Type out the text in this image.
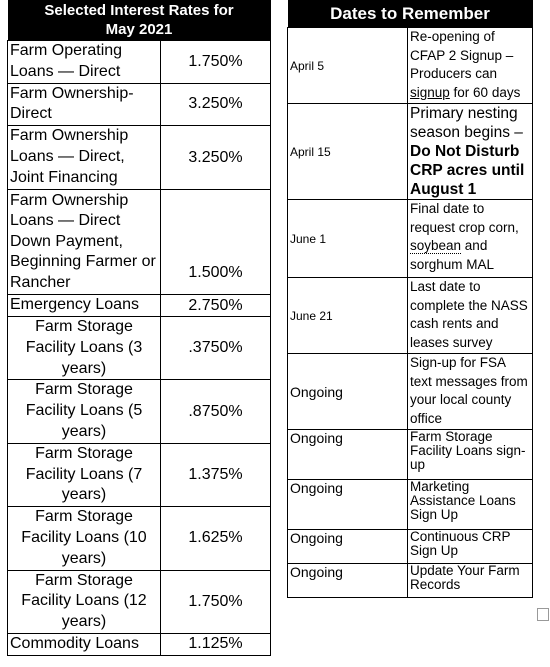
Selected Interest Rates for
May 2021	
Farm Operating Loans — Direct	1.750%
Farm Ownership-Direct	3.250%
Farm Ownership Loans — Direct, Joint Financing	3.250%
Farm Ownership Loans — Direct Down Payment, Beginning Farmer or Rancher	1.500%
Emergency Loans	2.750%
Farm Storage Facility Loans (3 years)	.3750%
Farm Storage Facility Loans (5 years)	.8750%
Farm Storage Facility Loans (7 years)	1.375%
Farm Storage Facility Loans (10 years)	1.625%
Farm Storage Facility Loans (12 years)	1.750%
Commodity Loans	1.125%
Dates to Remember	
April 5	Re-opening of CFAP 2 Signup – Producers can signup for 60 days
April 15	Primary nesting season begins – Do Not Disturb CRP acres until August 1
June 1	Final date to request crop corn, soybean and sorghum MAL
June 21	Last date to complete the NASS cash rents and leases survey
Ongoing	Sign-up for FSA text messages from your local county office
Ongoing	Farm Storage Facility Loans sign-up
Ongoing	Marketing Assistance Loans Sign Up
Ongoing	Continuous CRP Sign Up
Ongoing	Update Your Farm Records
